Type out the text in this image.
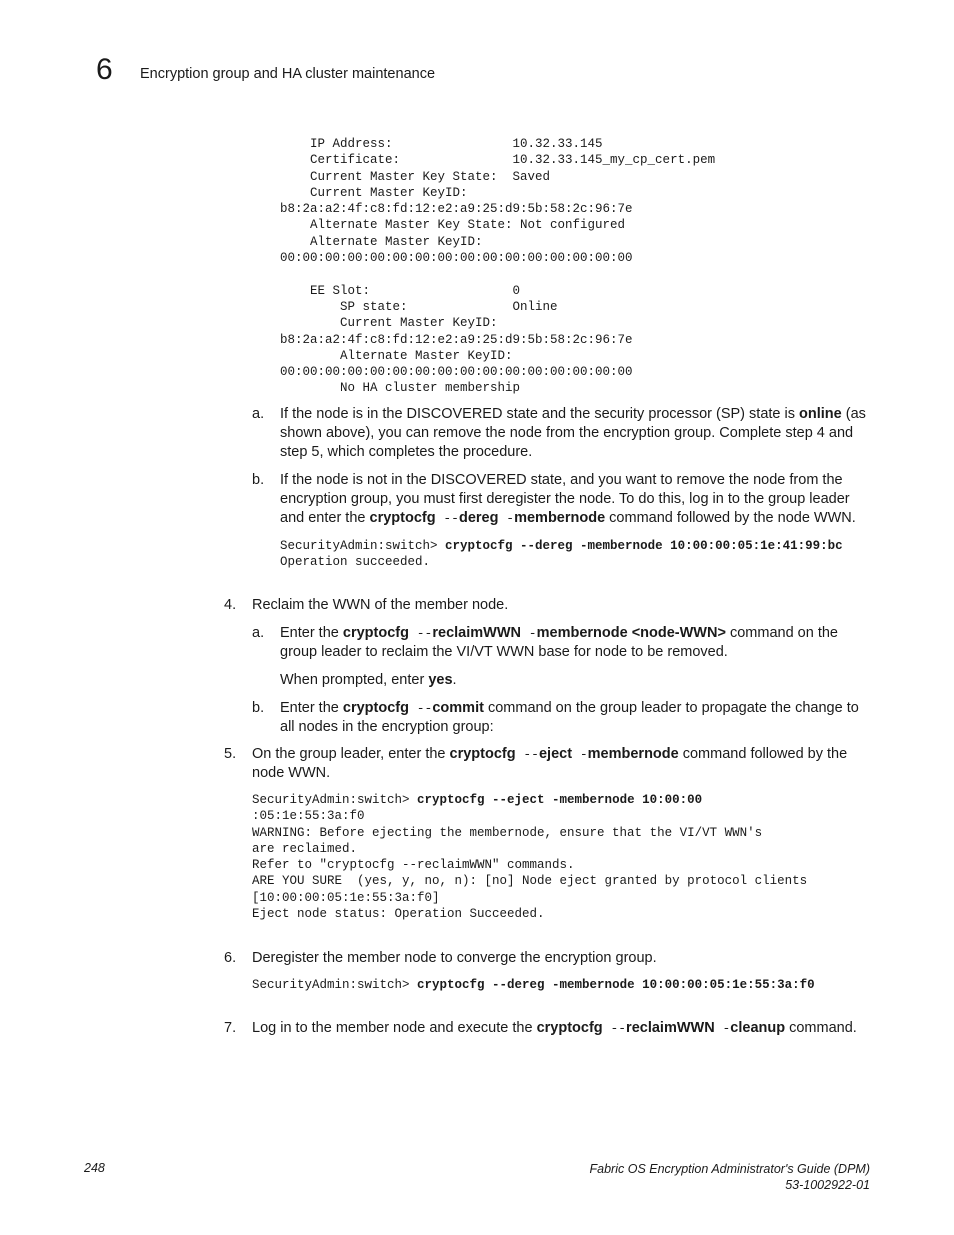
6 Encryption group and HA cluster maintenance
IP Address:                10.32.33.145
Certificate:               10.32.33.145_my_cp_cert.pem
Current Master Key State:  Saved
Current Master KeyID:
b8:2a:a2:4f:c8:fd:12:e2:a9:25:d9:5b:58:2c:96:7e
Alternate Master Key State: Not configured
Alternate Master KeyID:
00:00:00:00:00:00:00:00:00:00:00:00:00:00:00:00

EE Slot:                   0
SP state:              Online
Current Master KeyID:
b8:2a:a2:4f:c8:fd:12:e2:a9:25:d9:5b:58:2c:96:7e
Alternate Master KeyID:
00:00:00:00:00:00:00:00:00:00:00:00:00:00:00:00
No HA cluster membership
a. If the node is in the DISCOVERED state and the security processor (SP) state is online (as shown above), you can remove the node from the encryption group. Complete step 4 and step 5, which completes the procedure.
b. If the node is not in the DISCOVERED state, and you want to remove the node from the encryption group, you must first deregister the node. To do this, log in to the group leader and enter the cryptocfg --dereg -membernode command followed by the node WWN.
SecurityAdmin:switch> cryptocfg --dereg -membernode 10:00:00:05:1e:41:99:bc
Operation succeeded.
4. Reclaim the WWN of the member node.
a. Enter the cryptocfg --reclaimWWN -membernode <node-WWN> command on the group leader to reclaim the VI/VT WWN base for node to be removed.
When prompted, enter yes.
b. Enter the cryptocfg --commit command on the group leader to propagate the change to all nodes in the encryption group:
5. On the group leader, enter the cryptocfg --eject -membernode command followed by the node WWN.
SecurityAdmin:switch> cryptocfg --eject -membernode 10:00:00
:05:1e:55:3a:f0
WARNING: Before ejecting the membernode, ensure that the VI/VT WWN's
are reclaimed.
Refer to "cryptocfg --reclaimWWN" commands.
ARE YOU SURE  (yes, y, no, n): [no] Node eject granted by protocol clients
[10:00:00:05:1e:55:3a:f0]
Eject node status: Operation Succeeded.
6. Deregister the member node to converge the encryption group.
SecurityAdmin:switch> cryptocfg --dereg -membernode 10:00:00:05:1e:55:3a:f0
7. Log in to the member node and execute the cryptocfg --reclaimWWN -cleanup command.
248	Fabric OS Encryption Administrator's Guide (DPM)
53-1002922-01
